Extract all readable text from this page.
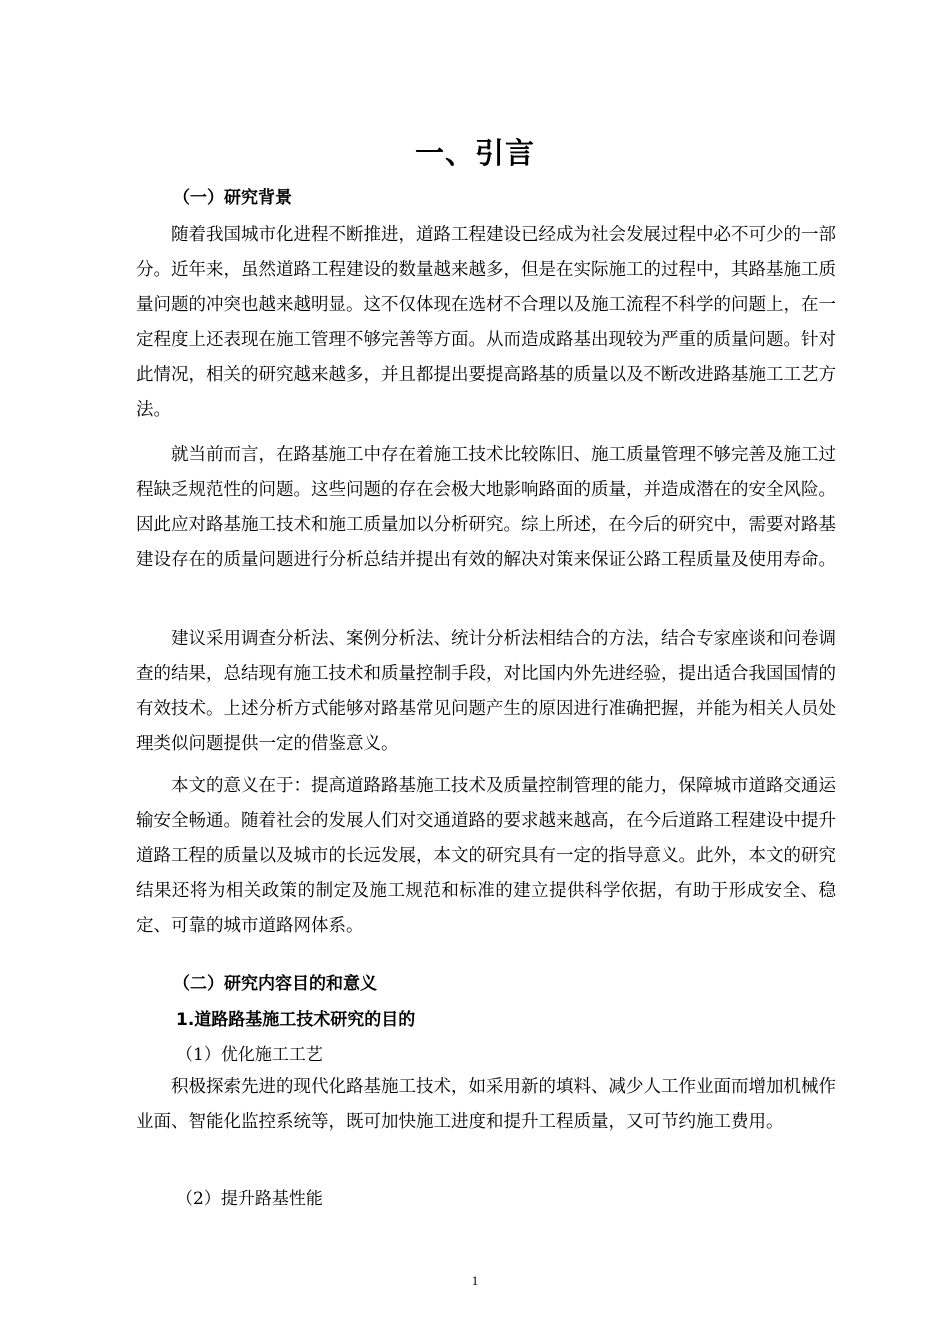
一、引言
（一）研究背景

随着我国城市化进程不断推进，道路工程建设已经成为社会发展过程中必不可少的一部分。近年来，虽然道路工程建设的数量越来越多，但是在实际施工的过程中，其路基施工质量问题的冲突也越来越明显。这不仅体现在选材不合理以及施工流程不科学的问题上，在一定程度上还表现在施工管理不够完善等方面。从而造成路基出现较为严重的质量问题。针对此情况，相关的研究越来越多，并且都提出要提高路基的质量以及不断改进路基施工工艺方法。

就当前而言，在路基施工中存在着施工技术比较陈旧、施工质量管理不够完善及施工过程缺乏规范性的问题。这些问题的存在会极大地影响路面的质量，并造成潜在的安全风险。因此应对路基施工技术和施工质量加以分析研究。综上所述，在今后的研究中，需要对路基建设存在的质量问题进行分析总结并提出有效的解决对策来保证公路工程质量及使用寿命。

建议采用调查分析法、案例分析法、统计分析法相结合的方法，结合专家座谈和问卷调查的结果，总结现有施工技术和质量控制手段，对比国内外先进经验，提出适合我国国情的有效技术。上述分析方式能够对路基常见问题产生的原因进行准确把握，并能为相关人员处理类似问题提供一定的借鉴意义。

本文的意义在于：提高道路路基施工技术及质量控制管理的能力，保障城市道路交通运输安全畅通。随着社会的发展人们对交通道路的要求越来越高，在今后道路工程建设中提升道路工程的质量以及城市的长远发展，本文的研究具有一定的指导意义。此外，本文的研究结果还将为相关政策的制定及施工规范和标准的建立提供科学依据，有助于形成安全、稳定、可靠的城市道路网体系。

（二）研究内容目的和意义
1.道路路基施工技术研究的目的
（1）优化施工工艺

积极探索先进的现代化路基施工技术，如采用新的填料、减少人工作业面而增加机械作业面、智能化监控系统等，既可加快施工进度和提升工程质量，又可节约施工费用。

（2）提升路基性能
1
